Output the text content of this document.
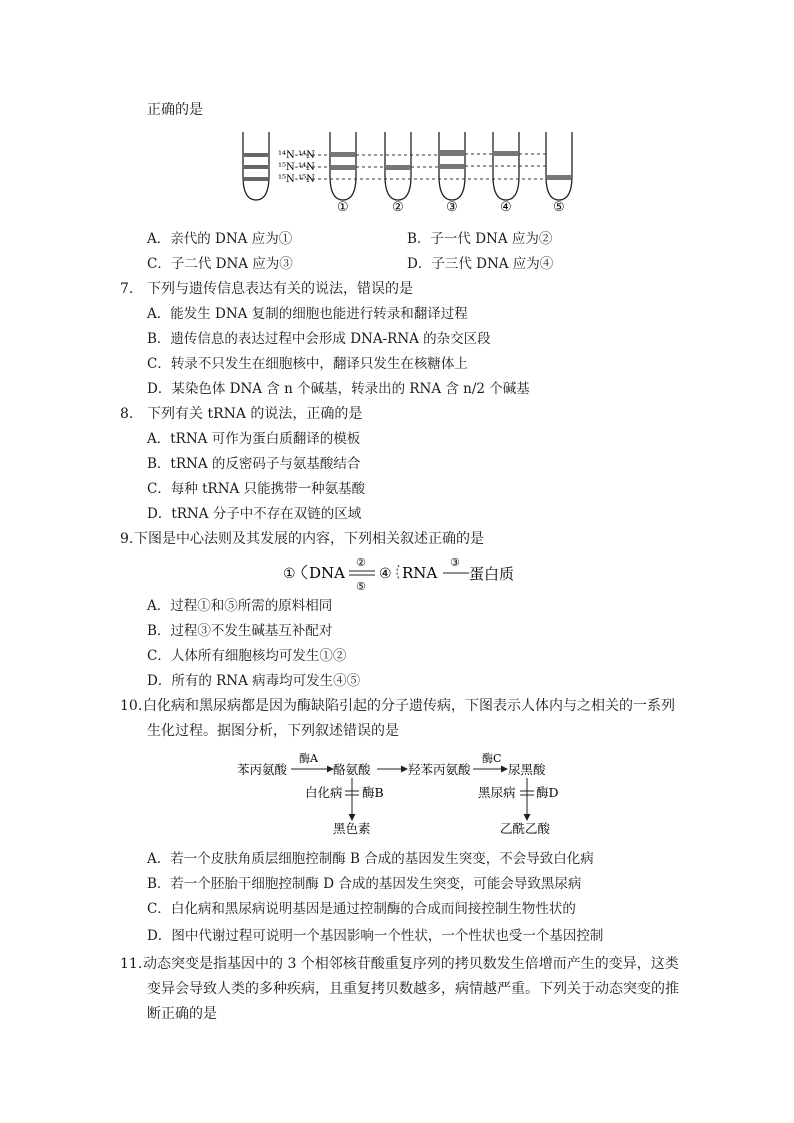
正确的是
¹⁴N-¹⁴N
¹⁵N-¹⁴N
¹⁵N-¹⁵N
①	②	③	④	⑤
A．亲代的 DNA 应为①	B．子一代 DNA 应为②
C．子二代 DNA 应为③	D．子三代 DNA 应为④
7. 下列与遗传信息表达有关的说法，错误的是
A．能发生 DNA 复制的细胞也能进行转录和翻译过程
B．遗传信息的表达过程中会形成 DNA-RNA 的杂交区段
C．转录不只发生在细胞核中，翻译只发生在核糖体上
D．某染色体 DNA 含 n 个碱基，转录出的 RNA 含 n/2 个碱基
8. 下列有关 tRNA 的说法，正确的是
A．tRNA 可作为蛋白质翻译的模板
B．tRNA 的反密码子与氨基酸结合
C．每种 tRNA 只能携带一种氨基酸
D．tRNA 分子中不存在双链的区域
9. 下图是中心法则及其发展的内容，下列相关叙述正确的是
① DNA
②
⑤
④ RNA
③
蛋白质
A．过程①和⑤所需的原料相同
B．过程③不发生碱基互补配对
C．人体所有细胞核均可发生①②
D．所有的 RNA 病毒均可发生④⑤
10. 白化病和黑尿病都是因为酶缺陷引起的分子遗传病，下图表示人体内与之相关的一系列
生化过程。据图分析，下列叙述错误的是
苯丙氨酸
酶A
酪氨酸	羟苯丙氨酸
酶C
尿黑酸
白化病 酶B
黑色素
黑尿病 酶D
乙酰乙酸
A．若一个皮肤角质层细胞控制酶 B 合成的基因发生突变，不会导致白化病
B．若一个胚胎干细胞控制酶 D 合成的基因发生突变，可能会导致黑尿病
C．白化病和黑尿病说明基因是通过控制酶的合成而间接控制生物性状的
D．图中代谢过程可说明一个基因影响一个性状，一个性状也受一个基因控制
11. 动态突变是指基因中的 3 个相邻核苷酸重复序列的拷贝数发生倍增而产生的变异，这类
变异会导致人类的多种疾病，且重复拷贝数越多，病情越严重。下列关于动态突变的推
断正确的是
